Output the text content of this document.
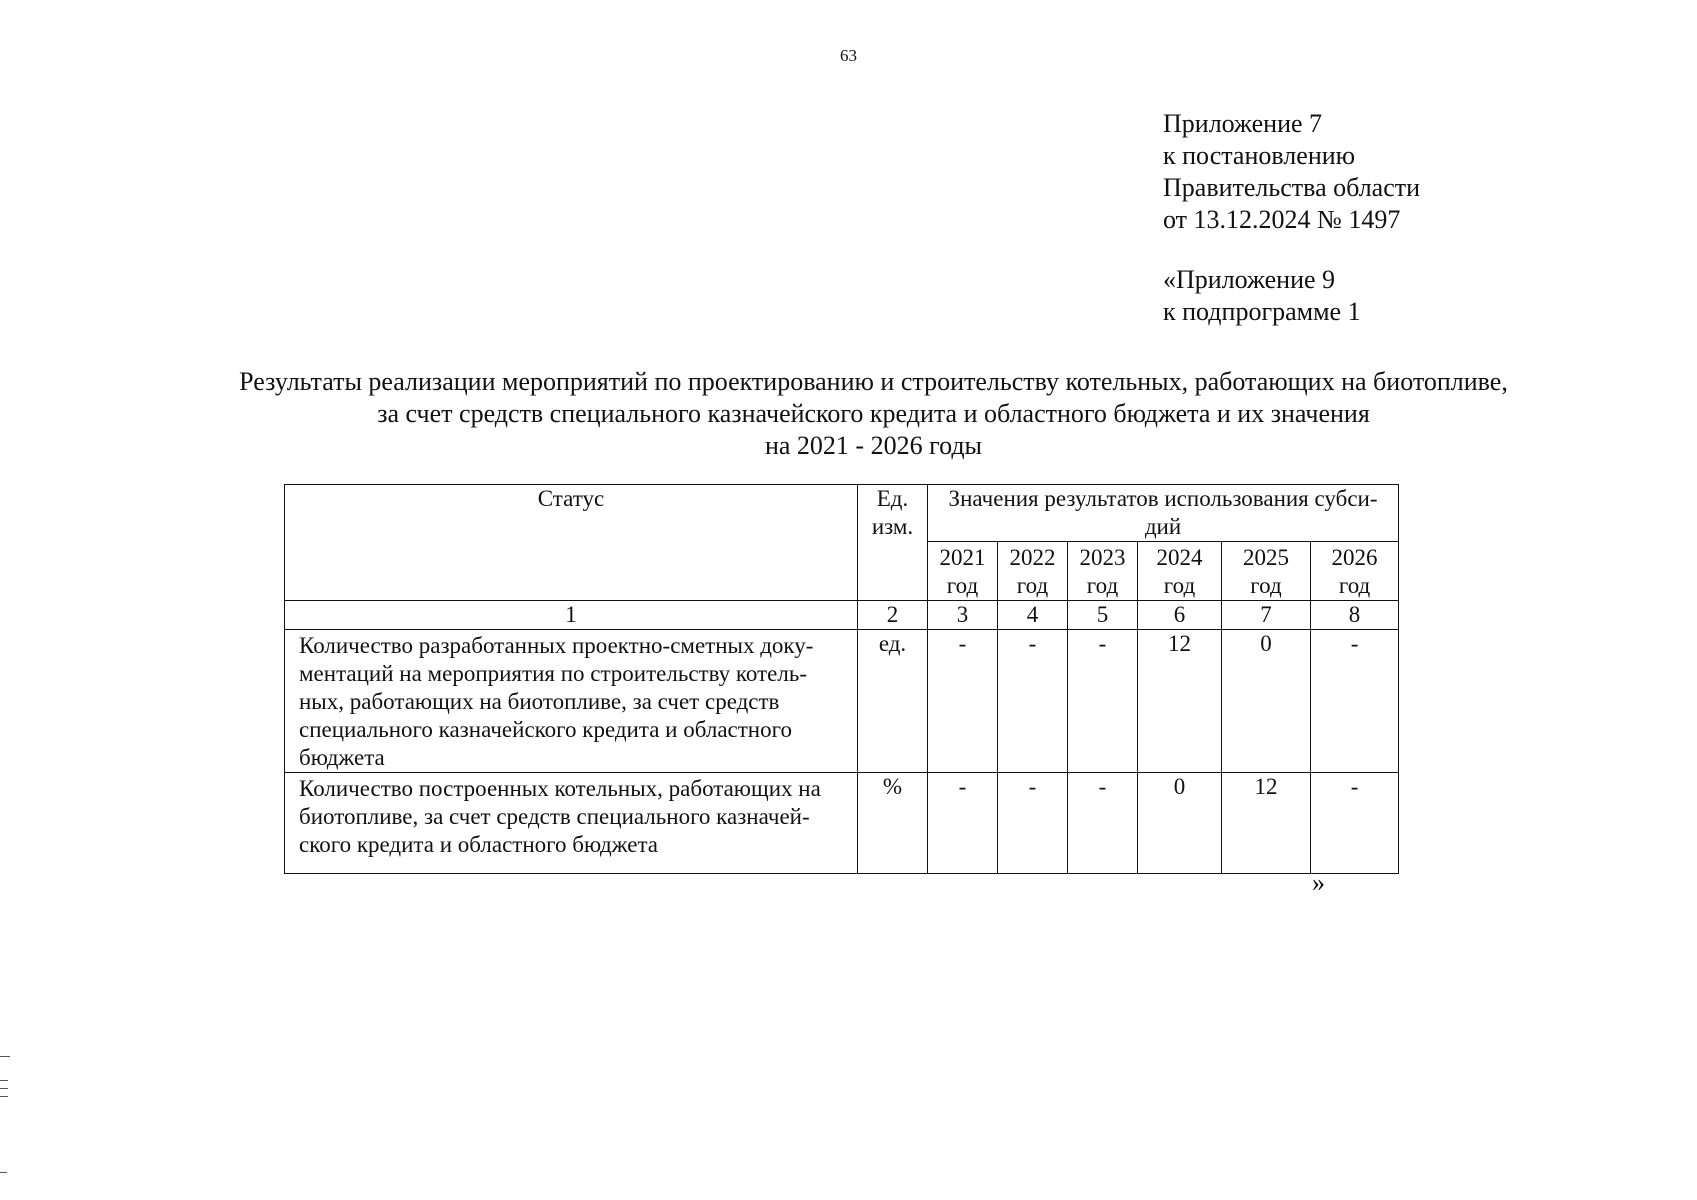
63
Приложение 7
к постановлению
Правительства области
от 13.12.2024 № 1497
«Приложение 9
к подпрограмме 1
Результаты реализации мероприятий по проектированию и строительству котельных, работающих на биотопливе,
за счет средств специального казначейского кредита и областного бюджета и их значения
на 2021 - 2026 годы
Статус	Ед. изм.	Значения результатов использования субси-дий					
		2021 год	2022 год	2023 год	2024 год	2025 год	2026 год
1	2	3	4	5	6	7	8
Количество разработанных проектно-сметных доку-ментаций на мероприятия по строительству котель-ных, работающих на биотопливе, за счет средств специального казначейского кредита и областного бюджета	ед.	-	-	-	12	0	-
Количество построенных котельных, работающих на биотопливе, за счет средств специального казначей-ского кредита и областного бюджета	%	-	-	-	0	12	-
»
